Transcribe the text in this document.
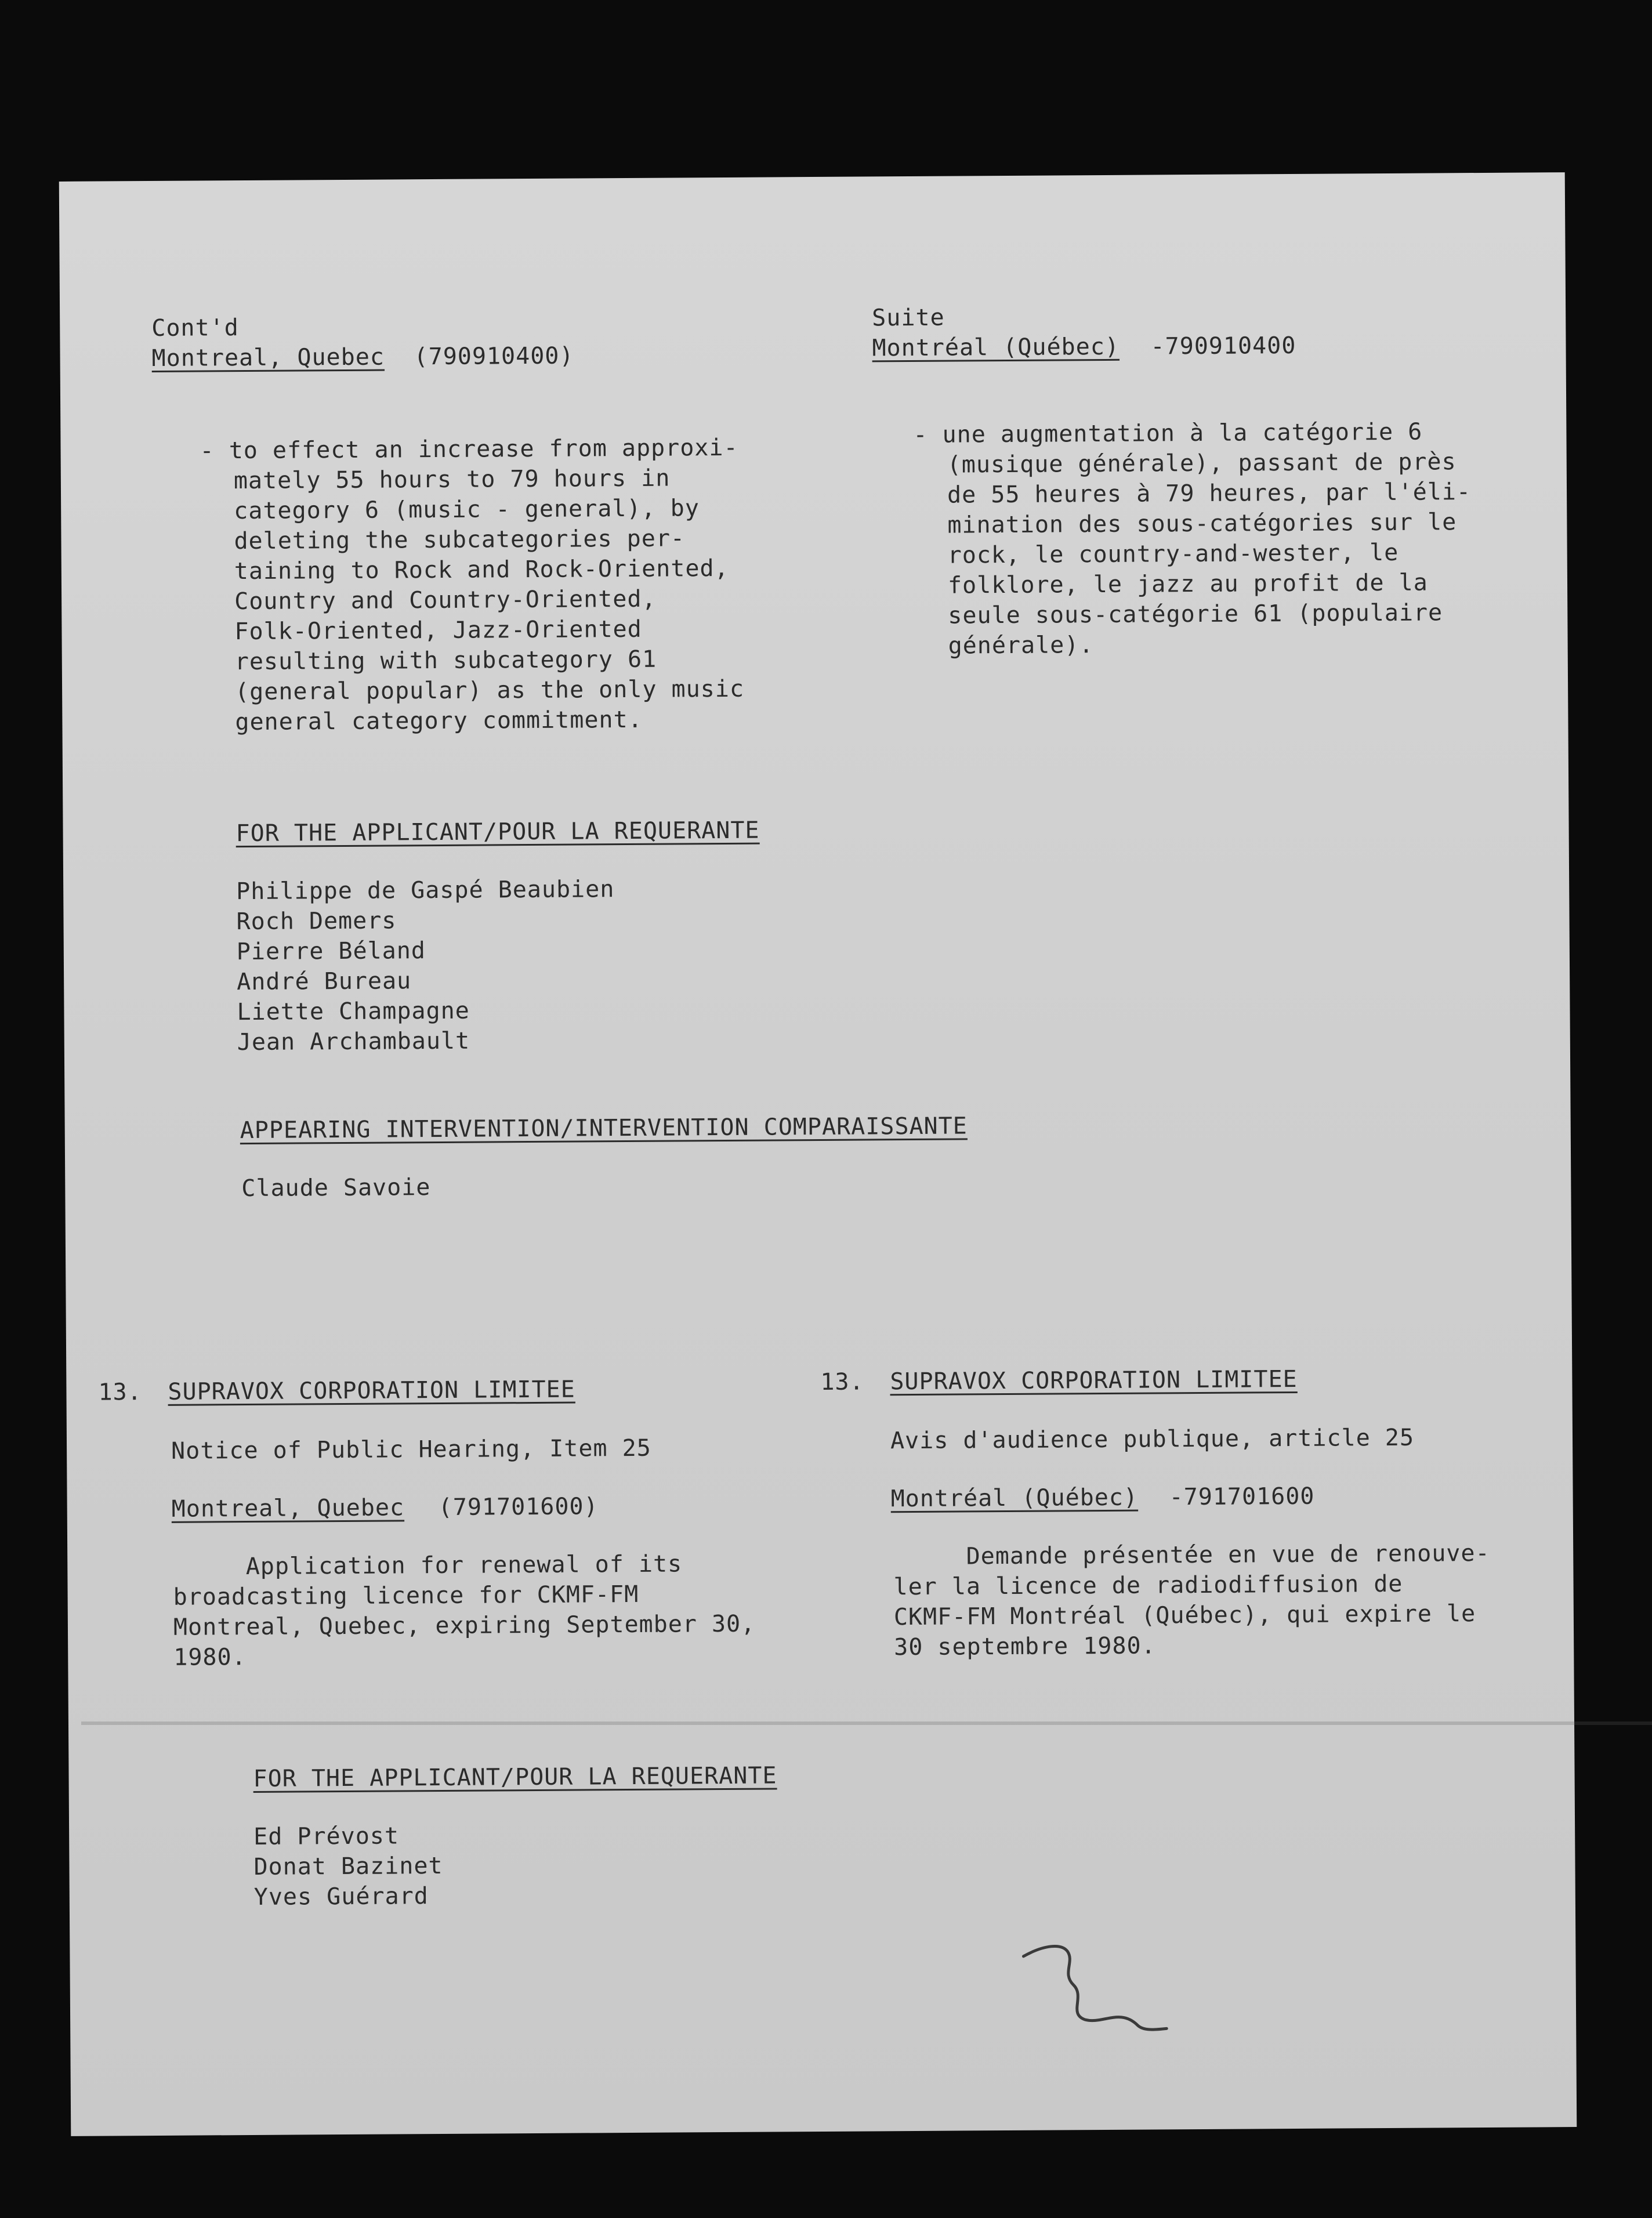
Cont'd

Montreal, Quebec (790910400)

Suite

Montréal (Québec) -790910400

- to effect an increase from approxi-

mately 55 hours to 79 hours in

category 6 (music - general), by

deleting the subcategories per-

taining to Rock and Rock-Oriented,

Country and Country-Oriented,

Folk-Oriented, Jazz-Oriented

resulting with subcategory 61

(general popular) as the only music

general category commitment.

- une augmentation à la catégorie 6

(musique générale), passant de près

de 55 heures à 79 heures, par l'éli-

mination des sous-catégories sur le

rock, le country-and-wester, le

folklore, le jazz au profit de la

seule sous-catégorie 61 (populaire

générale).

FOR THE APPLICANT/POUR LA REQUERANTE

Philippe de Gaspé Beaubien

Roch Demers

Pierre Béland

André Bureau

Liette Champagne

Jean Archambault

APPEARING INTERVENTION/INTERVENTION COMPARAISSANTE

Claude Savoie

13. SUPRAVOX CORPORATION LIMITEE

Notice of Public Hearing, Item 25

Montreal, Quebec (791701600)

Application for renewal of its

broadcasting licence for CKMF-FM

Montreal, Quebec, expiring September 30,

1980.

13. SUPRAVOX CORPORATION LIMITEE

Avis d'audience publique, article 25

Montréal (Québec) -791701600

Demande présentée en vue de renouve-

ler la licence de radiodiffusion de

CKMF-FM Montréal (Québec), qui expire le

30 septembre 1980.

FOR THE APPLICANT/POUR LA REQUERANTE

Ed Prévost

Donat Bazinet

Yves Guérard
